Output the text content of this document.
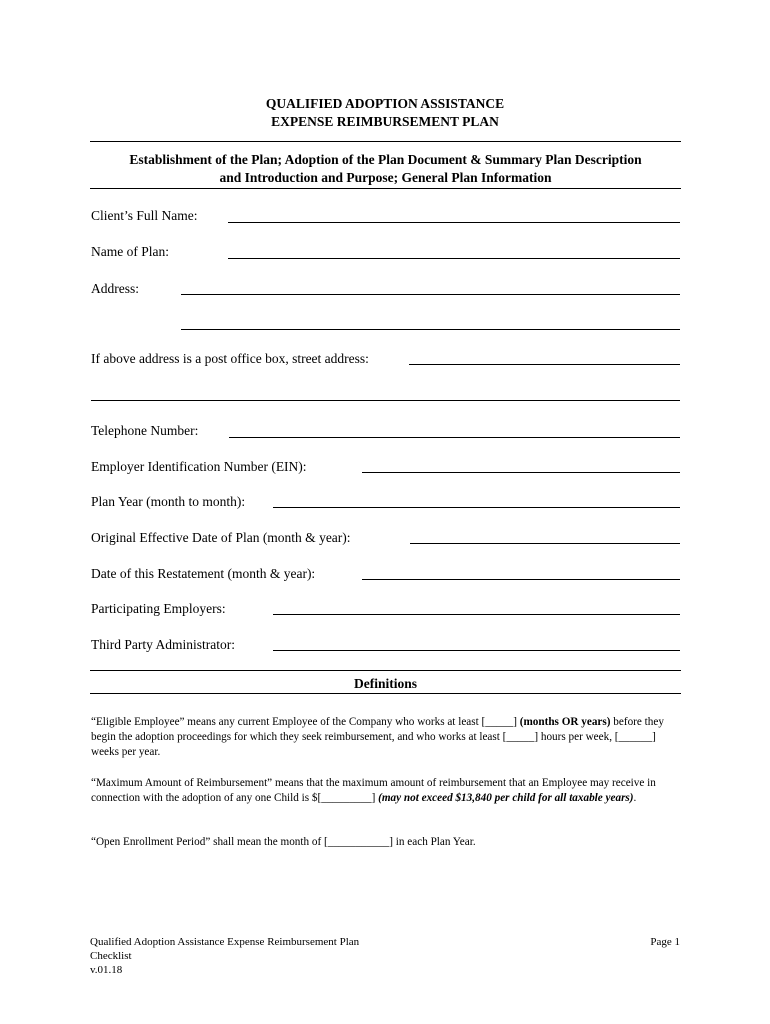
QUALIFIED ADOPTION ASSISTANCE
EXPENSE REIMBURSEMENT PLAN
Establishment of the Plan; Adoption of the Plan Document & Summary Plan Description
and Introduction and Purpose; General Plan Information
Client’s Full Name:
Name of Plan:
Address:
If above address is a post office box, street address:
Telephone Number:
Employer Identification Number (EIN):
Plan Year (month to month):
Original Effective Date of Plan (month & year):
Date of this Restatement (month & year):
Participating Employers:
Third Party Administrator:
Definitions
“Eligible Employee” means any current Employee of the Company who works at least [_____] (months OR years) before they begin the adoption proceedings for which they seek reimbursement, and who works at least [_____] hours per week, [______] weeks per year.
“Maximum Amount of Reimbursement” means that the maximum amount of reimbursement that an Employee may receive in connection with the adoption of any one Child is $[_________] (may not exceed $13,840 per child for all taxable years).
“Open Enrollment Period” shall mean the month of [___________] in each Plan Year.
Qualified Adoption Assistance Expense Reimbursement Plan
Checklist
v.01.18
Page 1
